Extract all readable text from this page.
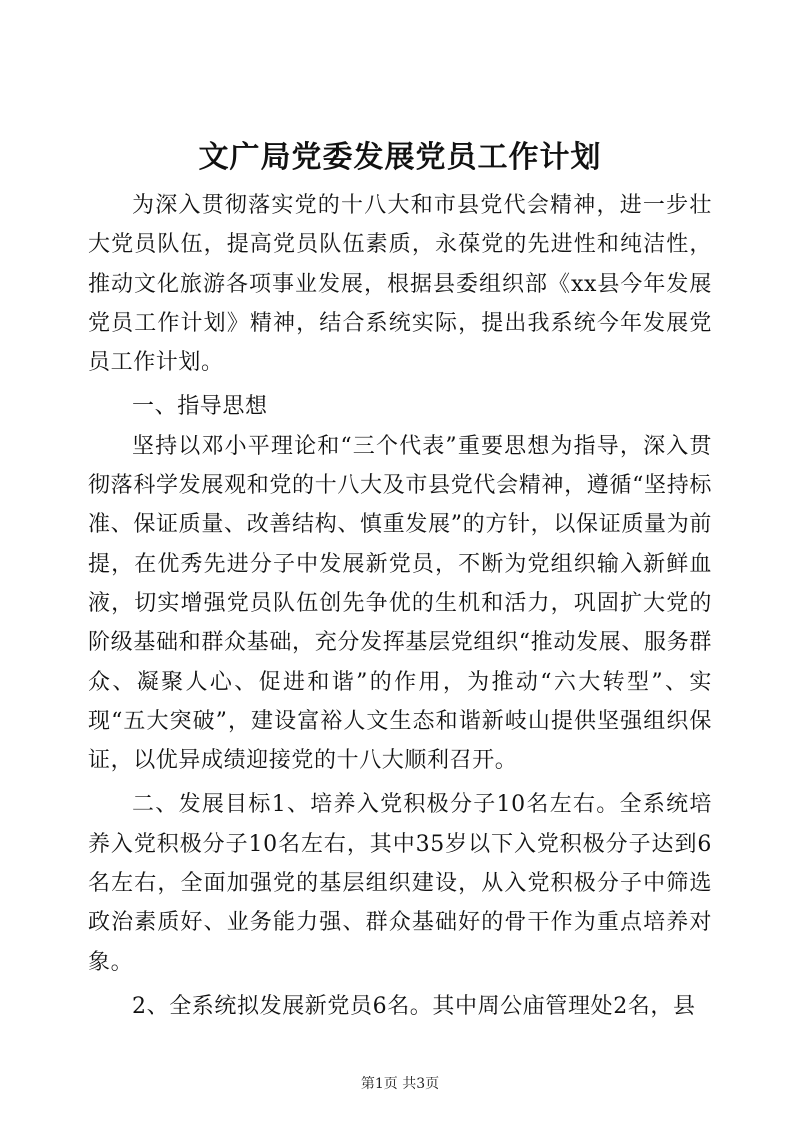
文广局党委发展党员工作计划

为深入贯彻落实党的十八大和市县党代会精神，进一步壮大党员队伍，提高党员队伍素质，永葆党的先进性和纯洁性，推动文化旅游各项事业发展，根据县委组织部《xx县今年发展党员工作计划》精神，结合系统实际，提出我系统今年发展党员工作计划。

一、指导思想

坚持以邓小平理论和“三个代表”重要思想为指导，深入贯彻落科学发展观和党的十八大及市县党代会精神，遵循“坚持标准、保证质量、改善结构、慎重发展”的方针，以保证质量为前提，在优秀先进分子中发展新党员，不断为党组织输入新鲜血液，切实增强党员队伍创先争优的生机和活力，巩固扩大党的阶级基础和群众基础，充分发挥基层党组织“推动发展、服务群众、凝聚人心、促进和谐”的作用，为推动“六大转型”、实现“五大突破”，建设富裕人文生态和谐新岐山提供坚强组织保证，以优异成绩迎接党的十八大顺利召开。

二、发展目标1、培养入党积极分子10名左右。全系统培养入党积极分子10名左右，其中35岁以下入党积极分子达到6名左右，全面加强党的基层组织建设，从入党积极分子中筛选政治素质好、业务能力强、群众基础好的骨干作为重点培养对象。

2、全系统拟发展新党员6名。其中周公庙管理处2名，县

第1页 共3页
